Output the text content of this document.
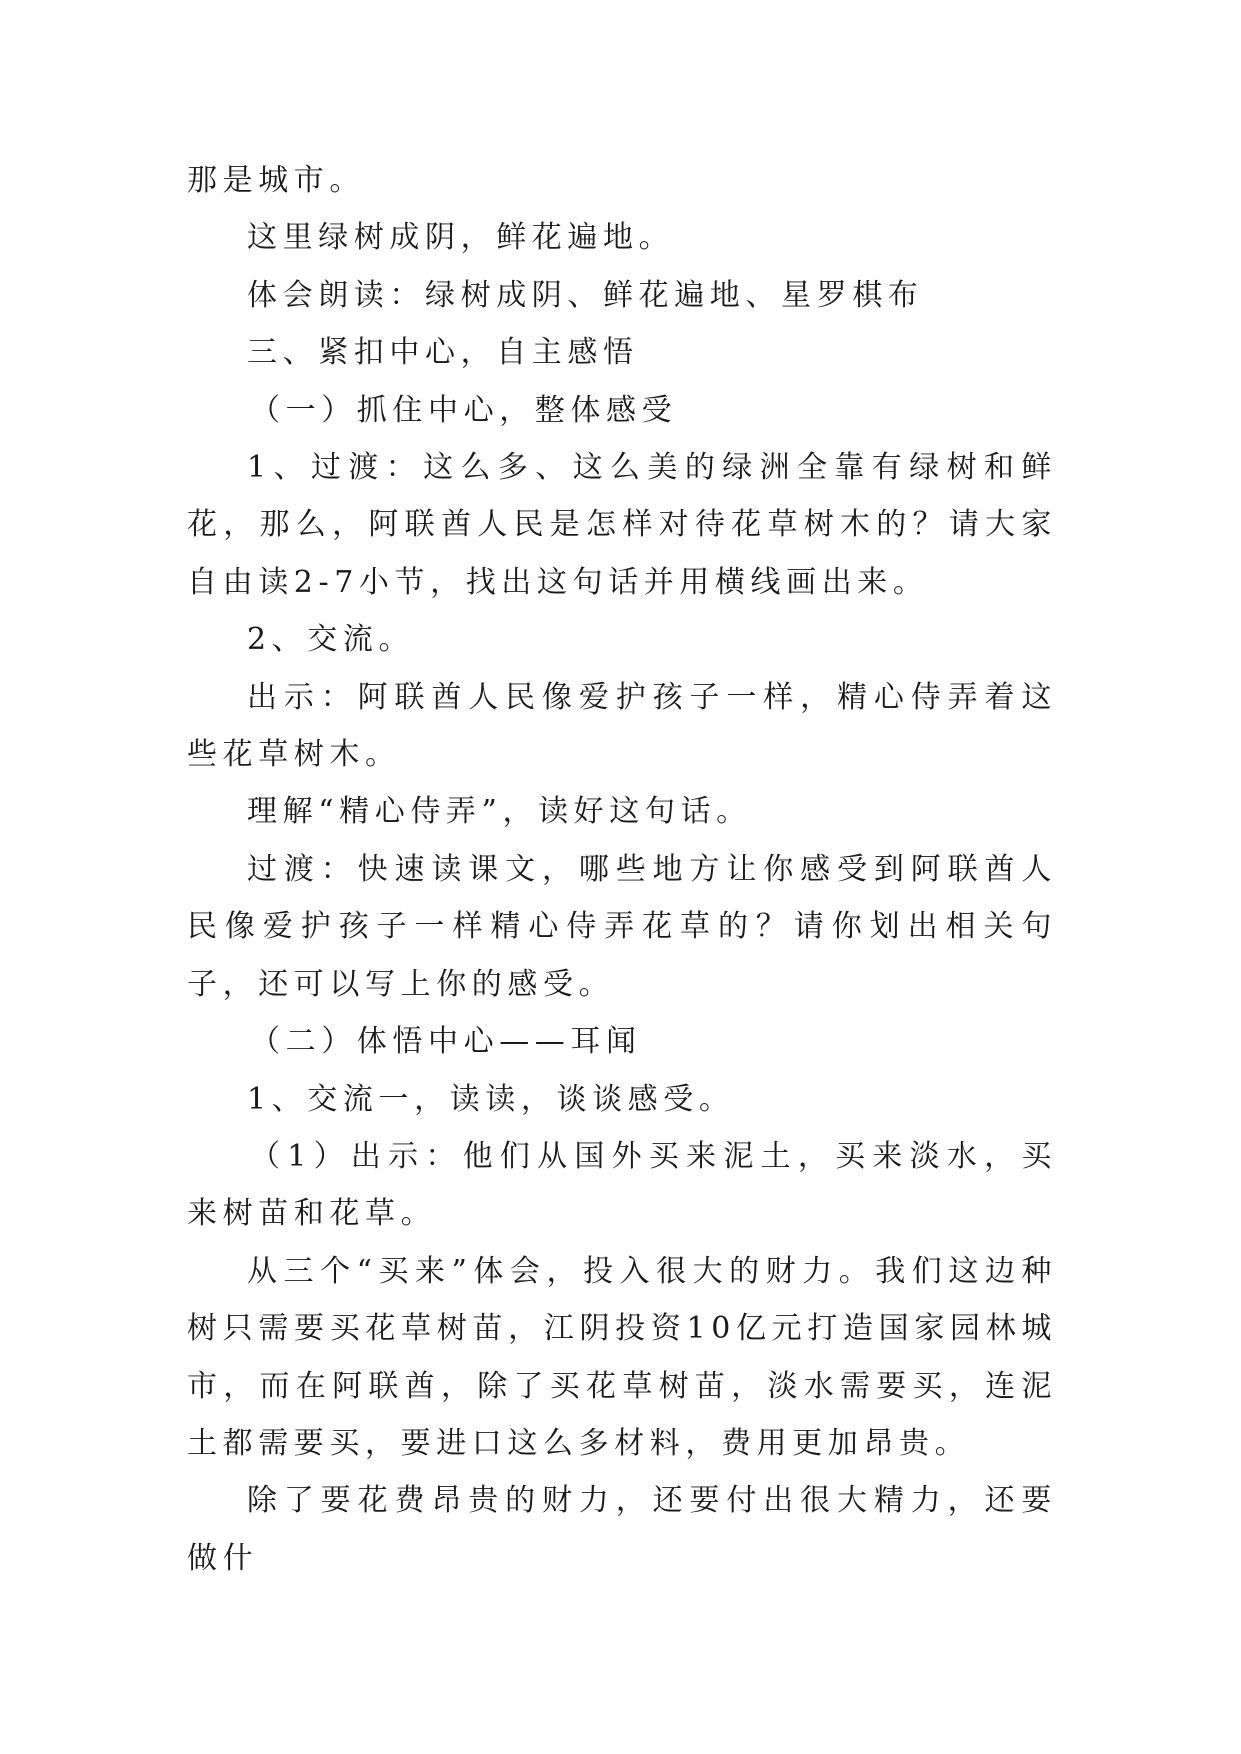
那是城市。

这里绿树成阴，鲜花遍地。

体会朗读：绿树成阴、鲜花遍地、星罗棋布

三、紧扣中心，自主感悟

（一）抓住中心，整体感受

1、过渡：这么多、这么美的绿洲全靠有绿树和鲜花，那么，阿联酋人民是怎样对待花草树木的？请大家自由读2-7小节，找出这句话并用横线画出来。

2、交流。

出示：阿联酋人民像爱护孩子一样，精心侍弄着这些花草树木。

理解“精心侍弄”，读好这句话。

过渡：快速读课文，哪些地方让你感受到阿联酋人民像爱护孩子一样精心侍弄花草的？请你划出相关句子，还可以写上你的感受。

（二）体悟中心——耳闻

1、交流一，读读，谈谈感受。

（1）出示：他们从国外买来泥土，买来淡水，买来树苗和花草。

从三个“买来”体会，投入很大的财力。我们这边种树只需要买花草树苗，江阴投资10亿元打造国家园林城市，而在阿联酋，除了买花草树苗，淡水需要买，连泥土都需要买，要进口这么多材料，费用更加昂贵。

除了要花费昂贵的财力，还要付出很大精力，还要做什
